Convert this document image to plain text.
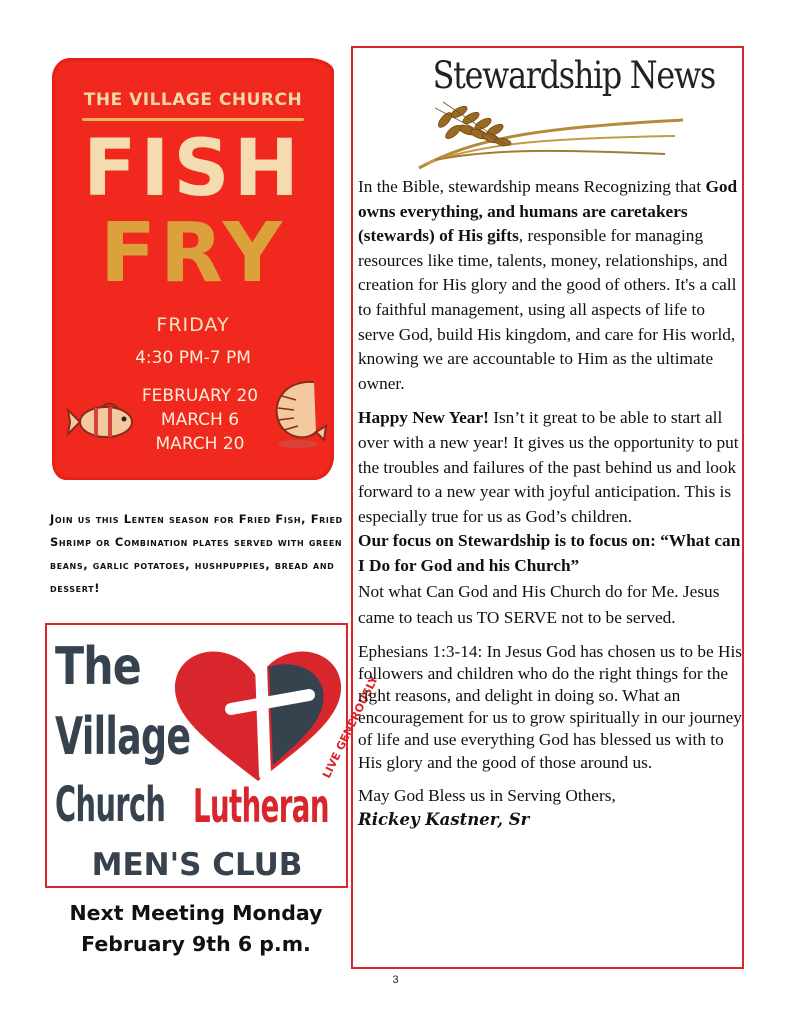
THE VILLAGE CHURCH
FISH
FRY
FRIDAY
4:30 PM-7 PM
FEBRUARY 20
MARCH 6
MARCH 20
Join us this Lenten season for Fried Fish, Fried Shrimp or Combination plates served with green beans, garlic potatoes, hushpuppies, bread and dessert!
The
Village
Church Lutheran
LIVE GENEROUSLY
MEN'S CLUB
Next Meeting Monday
February 9th 6 p.m.
Stewardship News

In the Bible, stewardship means Recognizing that God owns everything, and humans are caretakers (stewards) of His gifts, responsible for managing resources like time, talents, money, relationships, and creation for His glory and the good of others. It's a call to faithful management, using all aspects of life to serve God, build His kingdom, and care for His world, knowing we are accountable to Him as the ultimate owner.

Happy New Year! Isn’t it great to be able to start all over with a new year! It gives us the opportunity to put the troubles and failures of the past behind us and look forward to a new year with joyful anticipation. This is especially true for us as God’s children.

Our focus on Stewardship is to focus on: “What can I Do for God and his Church”

Not what Can God and His Church do for Me. Jesus came to teach us TO SERVE not to be served.

Ephesians 1:3-14: In Jesus God has chosen us to be His followers and children who do the right things for the right reasons, and delight in doing so. What an encouragement for us to grow spiritually in our journey of life and use everything God has blessed us with to His glory and the good of those around us.

May God Bless us in Serving Others,

Rickey Kastner, Sr

3
